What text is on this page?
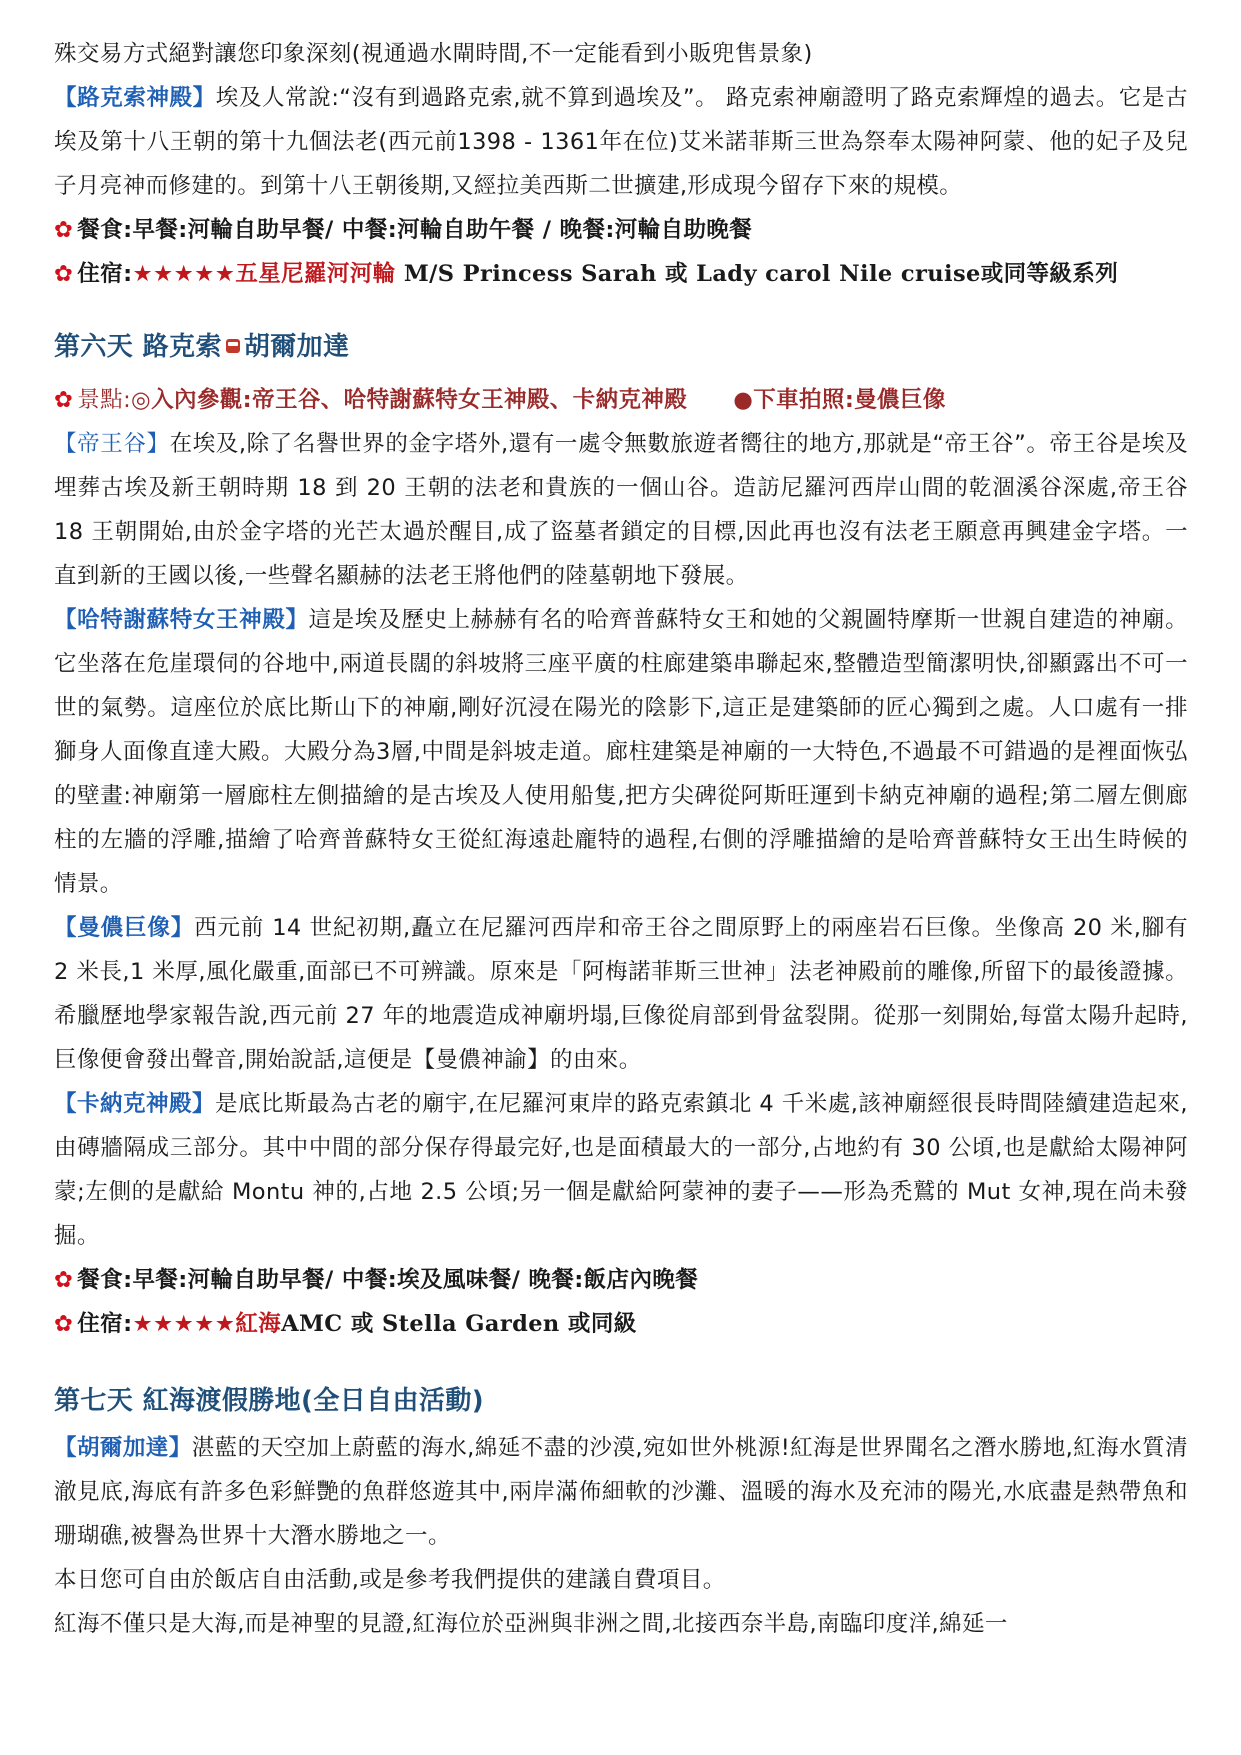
殊交易方式絕對讓您印象深刻(視通過水閘時間,不一定能看到小販兜售景象)

【路克索神殿】埃及人常說:“沒有到過路克索,就不算到過埃及”。 路克索神廟證明了路克索輝煌的過去。它是古埃及第十八王朝的第十九個法老(西元前1398 - 1361年在位)艾米諾菲斯三世為祭奉太陽神阿蒙、他的妃子及兒子月亮神而修建的。到第十八王朝後期,又經拉美西斯二世擴建,形成現今留存下來的規模。

✿ 餐食:早餐:河輪自助早餐/ 中餐:河輪自助午餐 / 晚餐:河輪自助晚餐

✿ 住宿:★★★★★五星尼羅河河輪 M/S Princess Sarah 或 Lady carol Nile cruise或同等級系列

第六天 路克索 胡爾加達

✿ 景點:◎入內參觀:帝王谷、哈特謝蘇特女王神殿、卡納克神殿 ●下車拍照:曼儂巨像

【帝王谷】在埃及,除了名譽世界的金字塔外,還有一處令無數旅遊者嚮往的地方,那就是“帝王谷”。帝王谷是埃及埋葬古埃及新王朝時期 18 到 20 王朝的法老和貴族的一個山谷。造訪尼羅河西岸山間的乾涸溪谷深處,帝王谷 18 王朝開始,由於金字塔的光芒太過於醒目,成了盜墓者鎖定的目標,因此再也沒有法老王願意再興建金字塔。一直到新的王國以後,一些聲名顯赫的法老王將他們的陸墓朝地下發展。

【哈特謝蘇特女王神殿】這是埃及歷史上赫赫有名的哈齊普蘇特女王和她的父親圖特摩斯一世親自建造的神廟。它坐落在危崖環伺的谷地中,兩道長闊的斜坡將三座平廣的柱廊建築串聯起來,整體造型簡潔明快,卻顯露出不可一世的氣勢。這座位於底比斯山下的神廟,剛好沉浸在陽光的陰影下,這正是建築師的匠心獨到之處。人口處有一排獅身人面像直達大殿。大殿分為3層,中間是斜坡走道。廊柱建築是神廟的一大特色,不過最不可錯過的是裡面恢弘的壁畫:神廟第一層廊柱左側描繪的是古埃及人使用船隻,把方尖碑從阿斯旺運到卡納克神廟的過程;第二層左側廊柱的左牆的浮雕,描繪了哈齊普蘇特女王從紅海遠赴龐特的過程,右側的浮雕描繪的是哈齊普蘇特女王出生時候的情景。

【曼儂巨像】西元前 14 世紀初期,矗立在尼羅河西岸和帝王谷之間原野上的兩座岩石巨像。坐像高 20 米,腳有 2 米長,1 米厚,風化嚴重,面部已不可辨識。原來是「阿梅諾菲斯三世神」法老神殿前的雕像,所留下的最後證據。希臘歷地學家報告說,西元前 27 年的地震造成神廟坍塌,巨像從肩部到骨盆裂開。從那一刻開始,每當太陽升起時,巨像便會發出聲音,開始說話,這便是【曼儂神諭】的由來。

【卡納克神殿】是底比斯最為古老的廟宇,在尼羅河東岸的路克索鎮北 4 千米處,該神廟經很長時間陸續建造起來,由磚牆隔成三部分。其中中間的部分保存得最完好,也是面積最大的一部分,占地約有 30 公頃,也是獻給太陽神阿蒙;左側的是獻給 Montu 神的,占地 2.5 公頃;另一個是獻給阿蒙神的妻子——形為禿鷲的 Mut 女神,現在尚未發掘。

✿ 餐食:早餐:河輪自助早餐/ 中餐:埃及風味餐/ 晚餐:飯店內晚餐

✿ 住宿:★★★★★紅海AMC 或 Stella Garden 或同級

第七天 紅海渡假勝地(全日自由活動)

【胡爾加達】湛藍的天空加上蔚藍的海水,綿延不盡的沙漠,宛如世外桃源!紅海是世界聞名之潛水勝地,紅海水質清澈見底,海底有許多色彩鮮艷的魚群悠遊其中,兩岸滿佈細軟的沙灘、溫暖的海水及充沛的陽光,水底盡是熱帶魚和珊瑚礁,被譽為世界十大潛水勝地之一。

本日您可自由於飯店自由活動,或是參考我們提供的建議自費項目。

紅海不僅只是大海,而是神聖的見證,紅海位於亞洲與非洲之間,北接西奈半島,南臨印度洋,綿延一
